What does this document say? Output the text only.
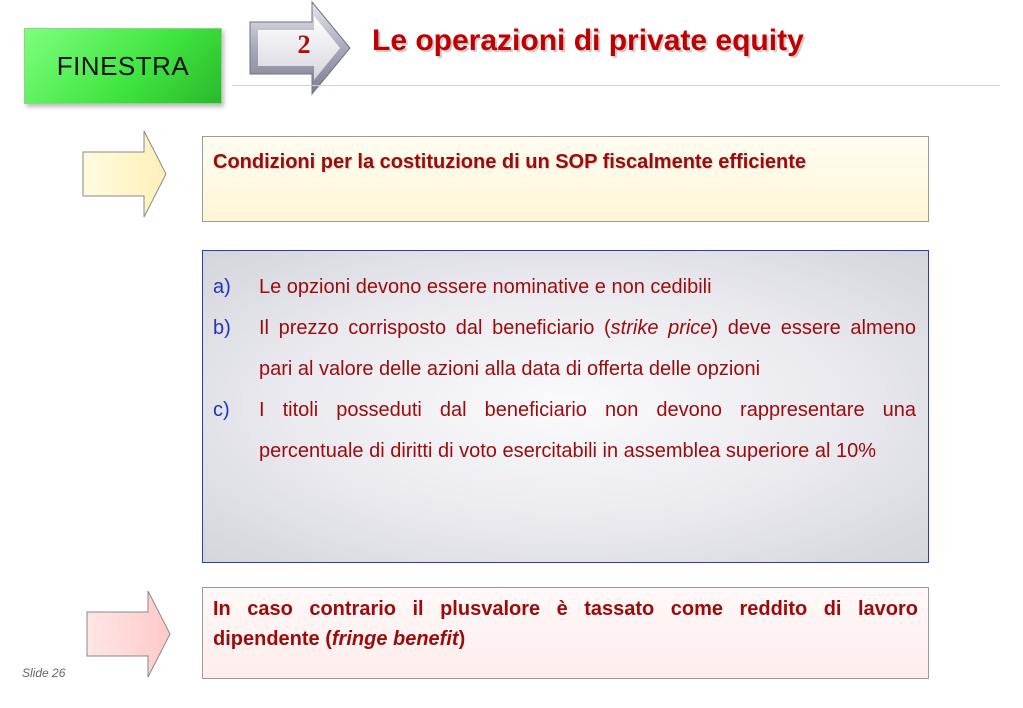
FINESTRA
2 Le operazioni di private equity

Condizioni per la costituzione di un SOP fiscalmente efficiente

a)	Le opzioni devono essere nominative e non cedibili
b)	Il prezzo corrisposto dal beneficiario (strike price) deve essere almeno pari al valore delle azioni alla data di offerta delle opzioni
c)	I titoli posseduti dal beneficiario non devono rappresentare una percentuale di diritti di voto esercitabili in assemblea superiore al 10%

In caso contrario il plusvalore è tassato come reddito di lavoro dipendente (fringe benefit)

Slide 26
